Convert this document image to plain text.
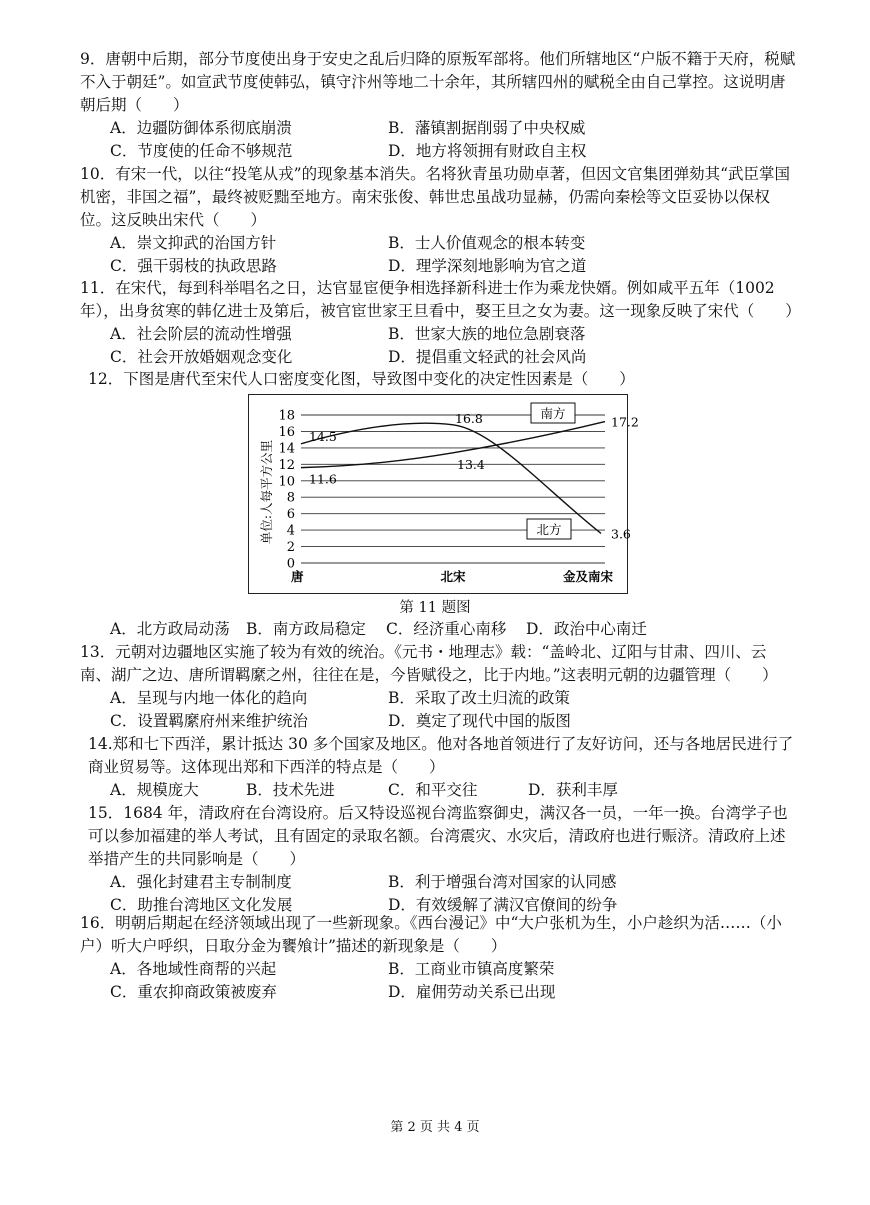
9．唐朝中后期，部分节度使出身于安史之乱后归降的原叛军部将。他们所辖地区“户版不籍于天府，税赋不入于朝廷”。如宣武节度使韩弘，镇守汴州等地二十余年，其所辖四州的赋税全由自己掌控。这说明唐朝后期（　　）
A．边疆防御体系彻底崩溃	B．藩镇割据削弱了中央权威
C．节度使的任命不够规范	D．地方将领拥有财政自主权
10．有宋一代，以往“投笔从戎”的现象基本消失。名将狄青虽功勋卓著，但因文官集团弹劾其“武臣掌国机密，非国之福”，最终被贬黜至地方。南宋张俊、韩世忠虽战功显赫，仍需向秦桧等文臣妥协以保权位。这反映出宋代（　　）
A．崇文抑武的治国方针	B．士人价值观念的根本转变
C．强干弱枝的执政思路	D．理学深刻地影响为官之道
11．在宋代，每到科举唱名之日，达官显宦便争相选择新科进士作为乘龙快婿。例如咸平五年（1002 年），出身贫寒的韩亿进士及第后，被官宦世家王旦看中，娶王旦之女为妻。这一现象反映了宋代（　　）
A．社会阶层的流动性增强	B．世家大族的地位急剧衰落
C．社会开放婚姻观念变化	D．提倡重文轻武的社会风尚
12．下图是唐代至宋代人口密度变化图，导致图中变化的决定性因素是（　　）
0
2
4
6
8
10
12
14
16
18
唐	北宋	金及南宋
11.6
13.4
17.2
14.5
16.8
3.6
南方
北方
单位:人每平方公里
第 11 题图
A．北方政局动荡 B．南方政局稳定 C．经济重心南移 D．政治中心南迁
13．元朝对边疆地区实施了较为有效的统治。《元书・地理志》载：“盖岭北、辽阳与甘肃、四川、云南、湖广之边、唐所谓羁縻之州，往往在是，今皆赋役之，比于内地。”这表明元朝的边疆管理（　　）
A．呈现与内地一体化的趋向	B．采取了改土归流的政策
C．设置羁縻府州来维护统治	D．奠定了现代中国的版图
14.郑和七下西洋，累计抵达 30 多个国家及地区。他对各地首领进行了友好访问，还与各地居民进行了商业贸易等。这体现出郑和下西洋的特点是（　　）
A．规模庞大	B．技术先进	C．和平交往	D．获利丰厚
15．1684 年，清政府在台湾设府。后又特设巡视台湾监察御史，满汉各一员，一年一换。台湾学子也可以参加福建的举人考试，且有固定的录取名额。台湾震灾、水灾后，清政府也进行赈济。清政府上述举措产生的共同影响是（　　）
A．强化封建君主专制制度	B．利于增强台湾对国家的认同感
C．助推台湾地区文化发展	D．有效缓解了满汉官僚间的纷争
16．明朝后期起在经济领域出现了一些新现象。《西台漫记》中“大户张机为生，小户趁织为活……（小户）听大户呼织，日取分金为饔飧计”描述的新现象是（　　）
A．各地域性商帮的兴起	B．工商业市镇高度繁荣
C．重农抑商政策被废弃	D．雇佣劳动关系已出现
第 2 页 共 4 页
